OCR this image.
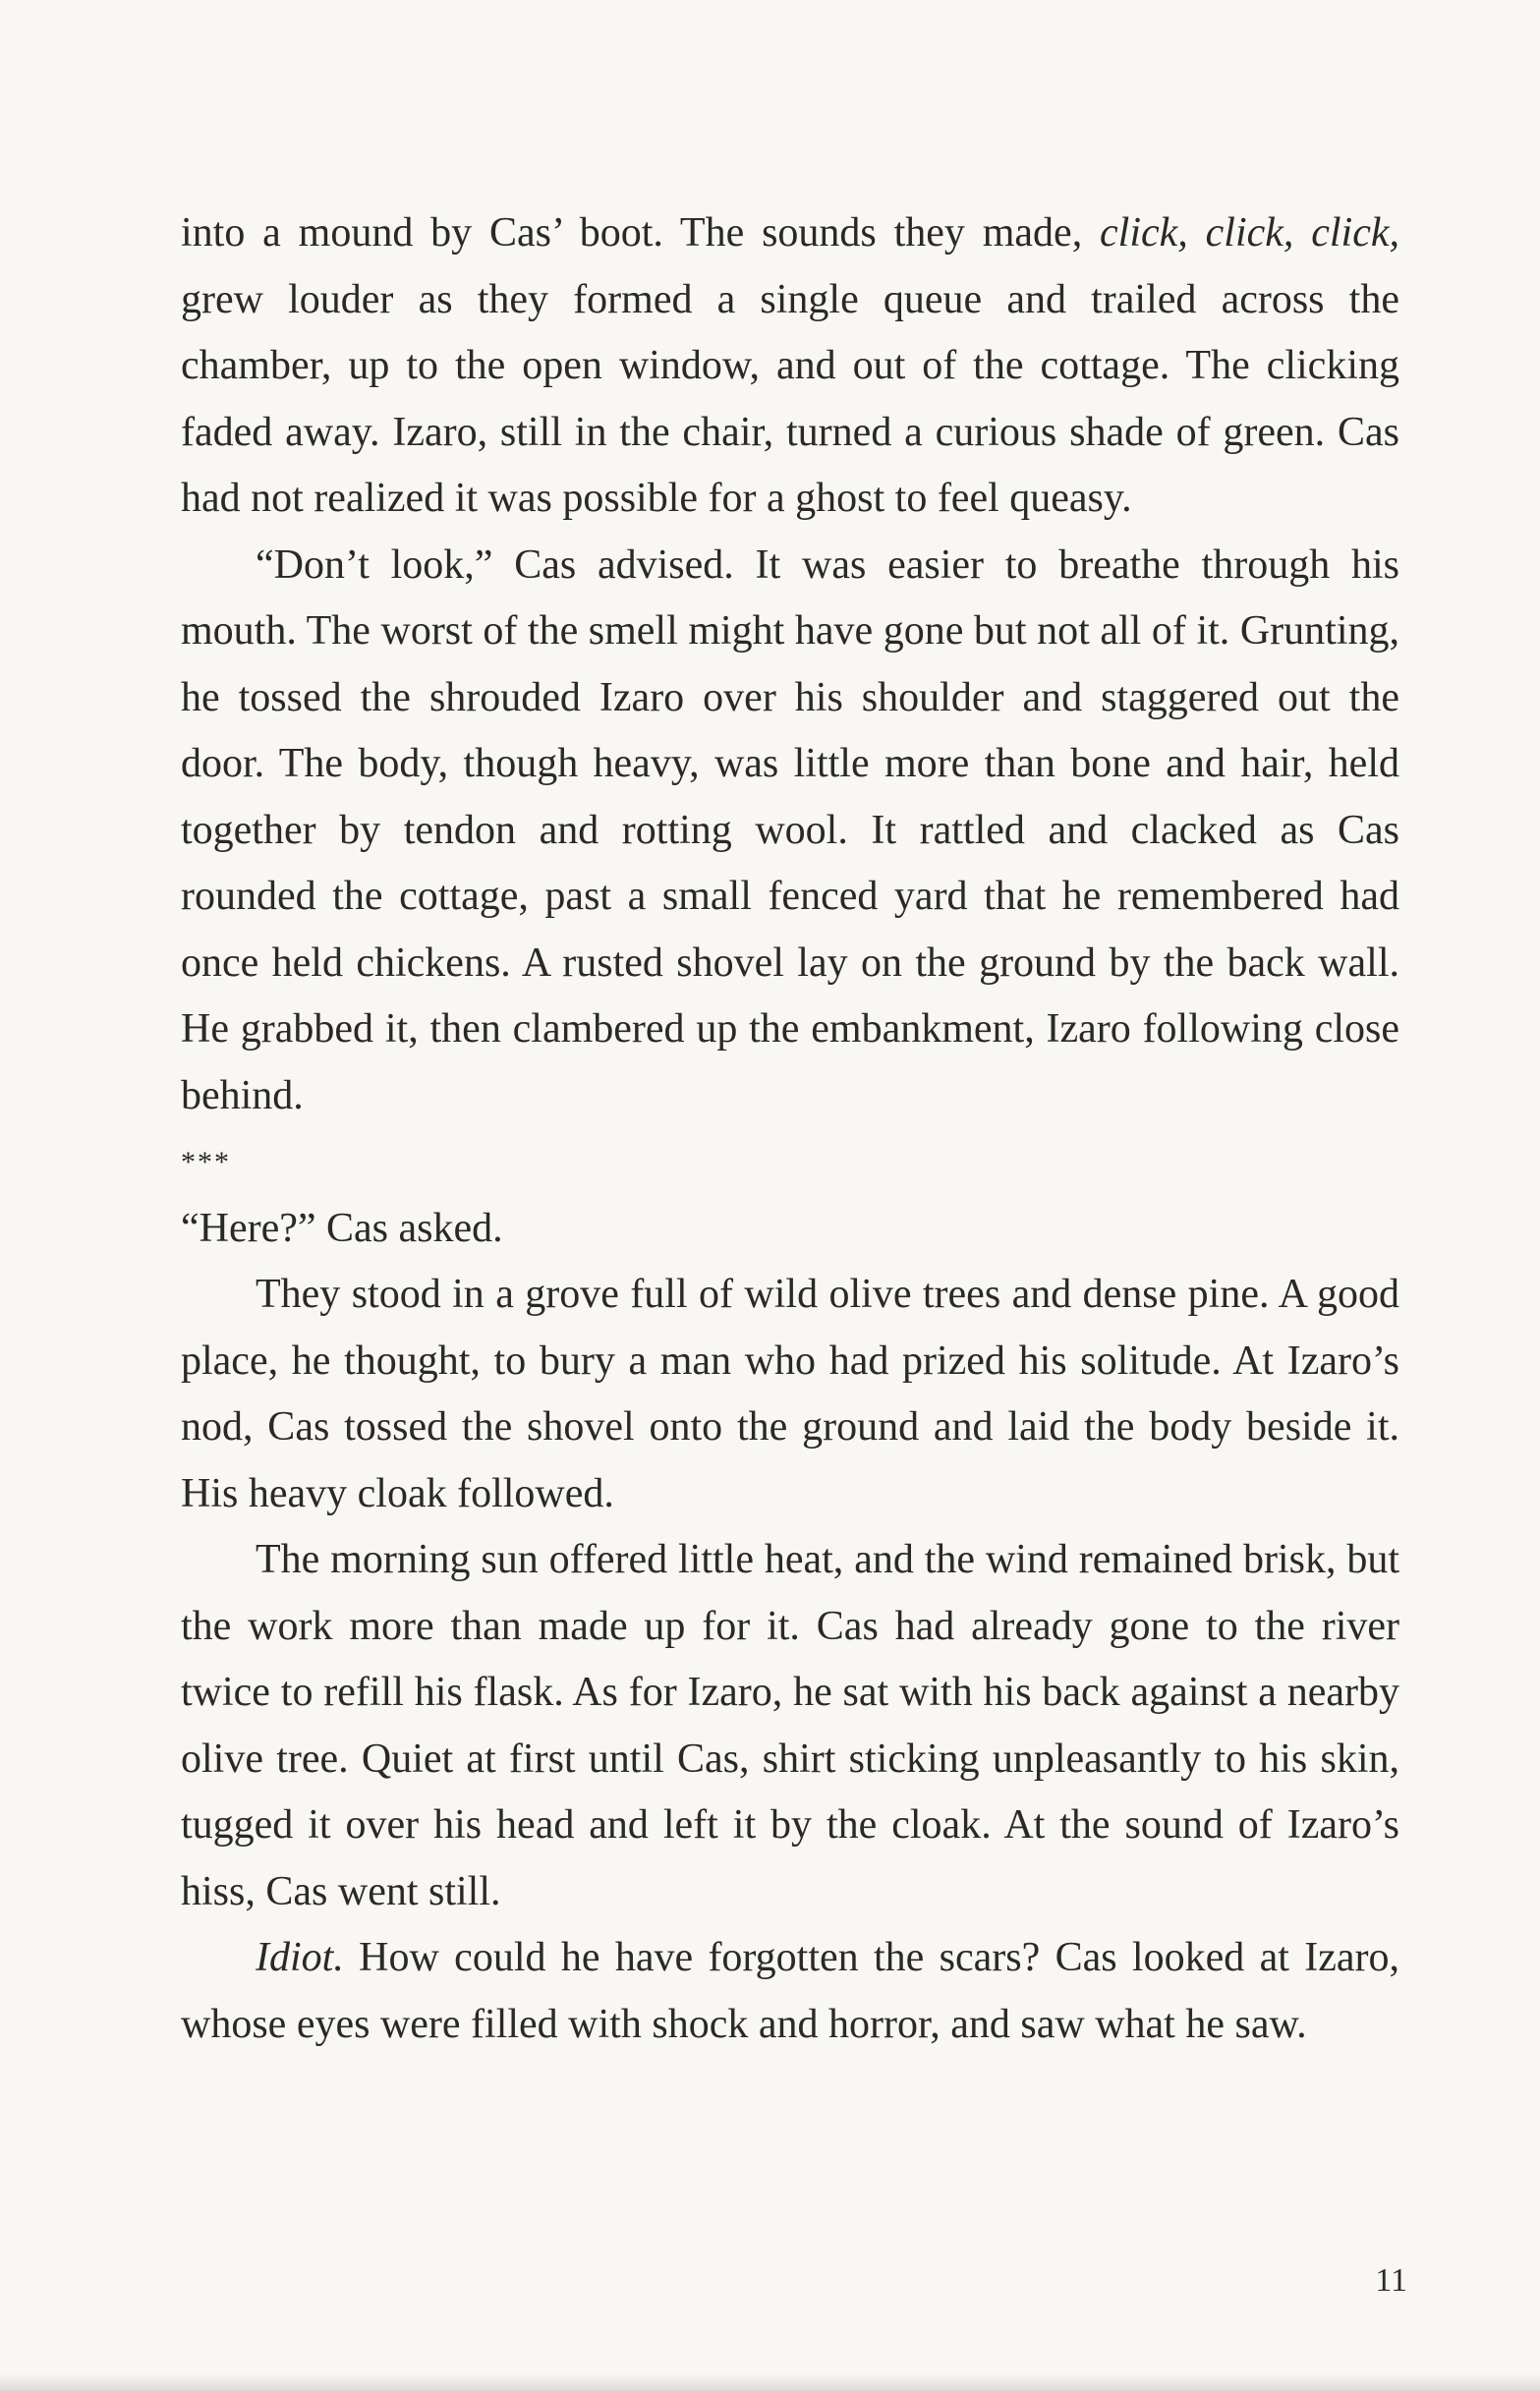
into a mound by Cas’ boot. The sounds they made, click, click, click, grew louder as they formed a single queue and trailed across the chamber, up to the open window, and out of the cottage. The clicking faded away. Izaro, still in the chair, turned a curious shade of green. Cas had not realized it was possible for a ghost to feel queasy.

“Don’t look,” Cas advised. It was easier to breathe through his mouth. The worst of the smell might have gone but not all of it. Grunting, he tossed the shrouded Izaro over his shoulder and staggered out the door. The body, though heavy, was little more than bone and hair, held together by tendon and rotting wool. It rattled and clacked as Cas rounded the cottage, past a small fenced yard that he remembered had once held chickens. A rusted shovel lay on the ground by the back wall. He grabbed it, then clambered up the embankment, Izaro following close behind.

***

“Here?” Cas asked.

They stood in a grove full of wild olive trees and dense pine. A good place, he thought, to bury a man who had prized his solitude. At Izaro’s nod, Cas tossed the shovel onto the ground and laid the body beside it. His heavy cloak followed.

The morning sun offered little heat, and the wind remained brisk, but the work more than made up for it. Cas had already gone to the river twice to refill his flask. As for Izaro, he sat with his back against a nearby olive tree. Quiet at first until Cas, shirt sticking unpleasantly to his skin, tugged it over his head and left it by the cloak. At the sound of Izaro’s hiss, Cas went still.

Idiot. How could he have forgotten the scars? Cas looked at Izaro, whose eyes were filled with shock and horror, and saw what he saw.

11
